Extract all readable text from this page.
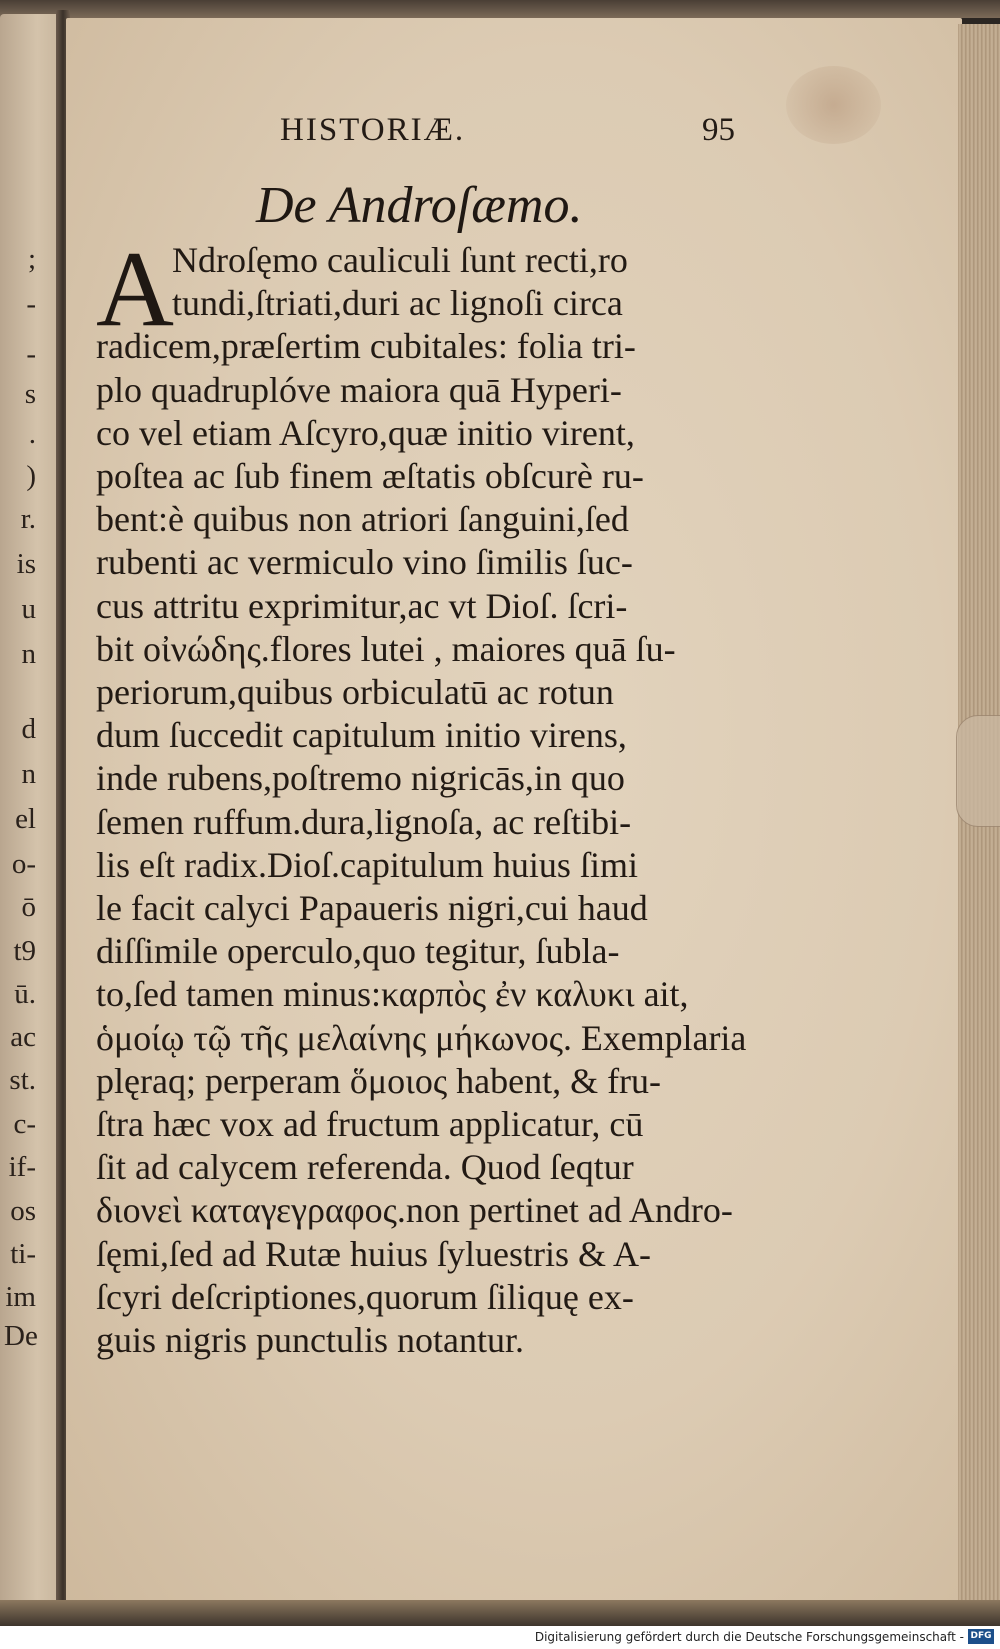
;
-
-
s
.
)
r.
is
u
n
d
n
el
o-
ō
t9
ū.
ac
st.
c-
if-
os
ti-
im
De
HISTORIÆ.	95
De Androſæmo.
A
Ndroſęmo cauliculi ſunt recti,ro
tundi,ſtriati,duri ac lignoſi circa
radicem,præſertim cubitales: folia tri-
plo quadruplóve maiora quā Hyperi-
co vel etiam Aſcyro,quæ initio virent,
poſtea ac ſub finem æſtatis obſcurè ru-
bent:è quibus non atriori ſanguini,ſed
rubenti ac vermiculo vino ſimilis ſuc-
cus attritu exprimitur,ac vt Dioſ. ſcri-
bit οἰνώδης.flores lutei , maiores quā ſu-
periorum,quibus orbiculatū ac rotun
dum ſuccedit capitulum initio virens,
inde rubens,poſtremo nigricās,in quo
ſemen ruffum.dura,lignoſa, ac reſtibi-
lis eſt radix.Dioſ.capitulum huius ſimi
le facit calyci Papaueris nigri,cui haud
diſſimile operculo,quo tegitur, ſubla-
to,ſed tamen minus:καρπὸς ἐν καλυκι ait,
ὁμοίῳ τῷ τῆς μελαίνης μήκωνος. Exemplaria
plęraq; perperam ὅμοιος habent, & fru-
ſtra hæc vox ad fructum applicatur, cū
ſit ad calycem referenda. Quod ſeqtur
διονεὶ καταγεγραφος.non pertinet ad Andro-
ſęmi,ſed ad Rutæ huius ſyluestris & A-
ſcyri deſcriptiones,quorum ſiliquę ex-
guis nigris punctulis notantur.
Digitalisierung gefördert durch die Deutsche Forschungsgemeinschaft - DFG
